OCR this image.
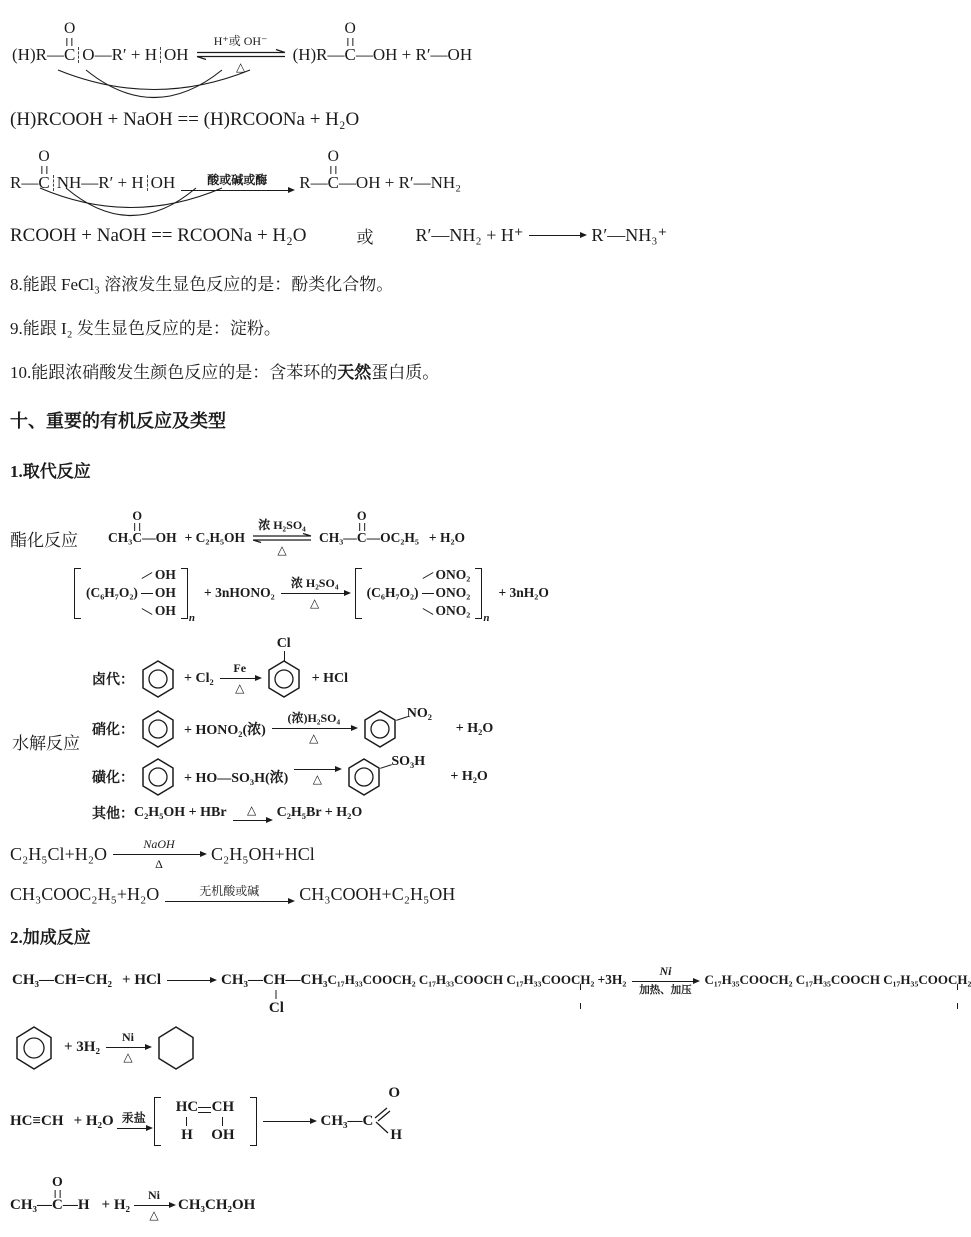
(H)R—
O
C O—R′ + H OH
H⁺或 OH⁻
△
(H)R—
O
C —OH + R′—OH
(H)RCOOH + NaOH == (H)RCOONa + H₂O
R—
O
C NH—R′ + H OH	酸或碱或酶 R—
O
C —OH + R′—NH₂
RCOOH + NaOH == RCOONa + H₂O	或 R′—NH₂ + H⁺ → R′—NH₃⁺
8.能跟 FeCl₃ 溶液发生显色反应的是：酚类化合物。
9.能跟 I₂ 发生显色反应的是：淀粉。
10.能跟浓硝酸发生颜色反应的是：含苯环的天然蛋白质。
十、重要的有机反应及类型
1.取代反应
酯化反应 CH₃
O
C —OH + C₂H₅OH
浓 H₂SO₄
△
CH₃—
O
C —OC₂H₅ + H₂O
(C₆H₇O₂)
OH
OH
OH n
+ 3nHONO₂
浓 H₂SO₄
△
(C₆H₇O₂)
ONO₂
ONO₂
ONO₂ n
+ 3nH₂O
水解反应
卤代：	+ Cl₂
Fe
△
Cl
+ HCl
硝化：	+ HONO₂(浓)
(浓)H₂SO₄
△
NO₂
+ H₂O
磺化：	+ HO—SO₃H(浓) △
SO₃H
+ H₂O
其他： C₂H₅OH + HBr △ C₂H₅Br + H₂O
C₂H₅Cl+H₂O	NaOH
Δ	C₂H₅OH+HCl
CH₃COOC₂H₅+H₂O	无机酸或碱 CH₃COOH+C₂H₅OH
2.加成反应
CH₃—CH=CH₂ + HCl → CH₃—CH—CH₃
Cl
C₁₇H₃₃COOCH₂ C₁₇H₃₃COOCH C₁₇H₃₃COOCH₂ +3H₂
Ni
加热、加压
C₁₇H₃₅COOCH₂ C₁₇H₃₅COOCH C₁₇H₃₅COOCH₂
+ 3H₂
Ni
△
HC≡CH + H₂O 汞盐
HC
H
CH
OH
→ CH₃—C
O
H
CH₃—
O
C —H + H₂
Ni
△
CH₃CH₂OH
